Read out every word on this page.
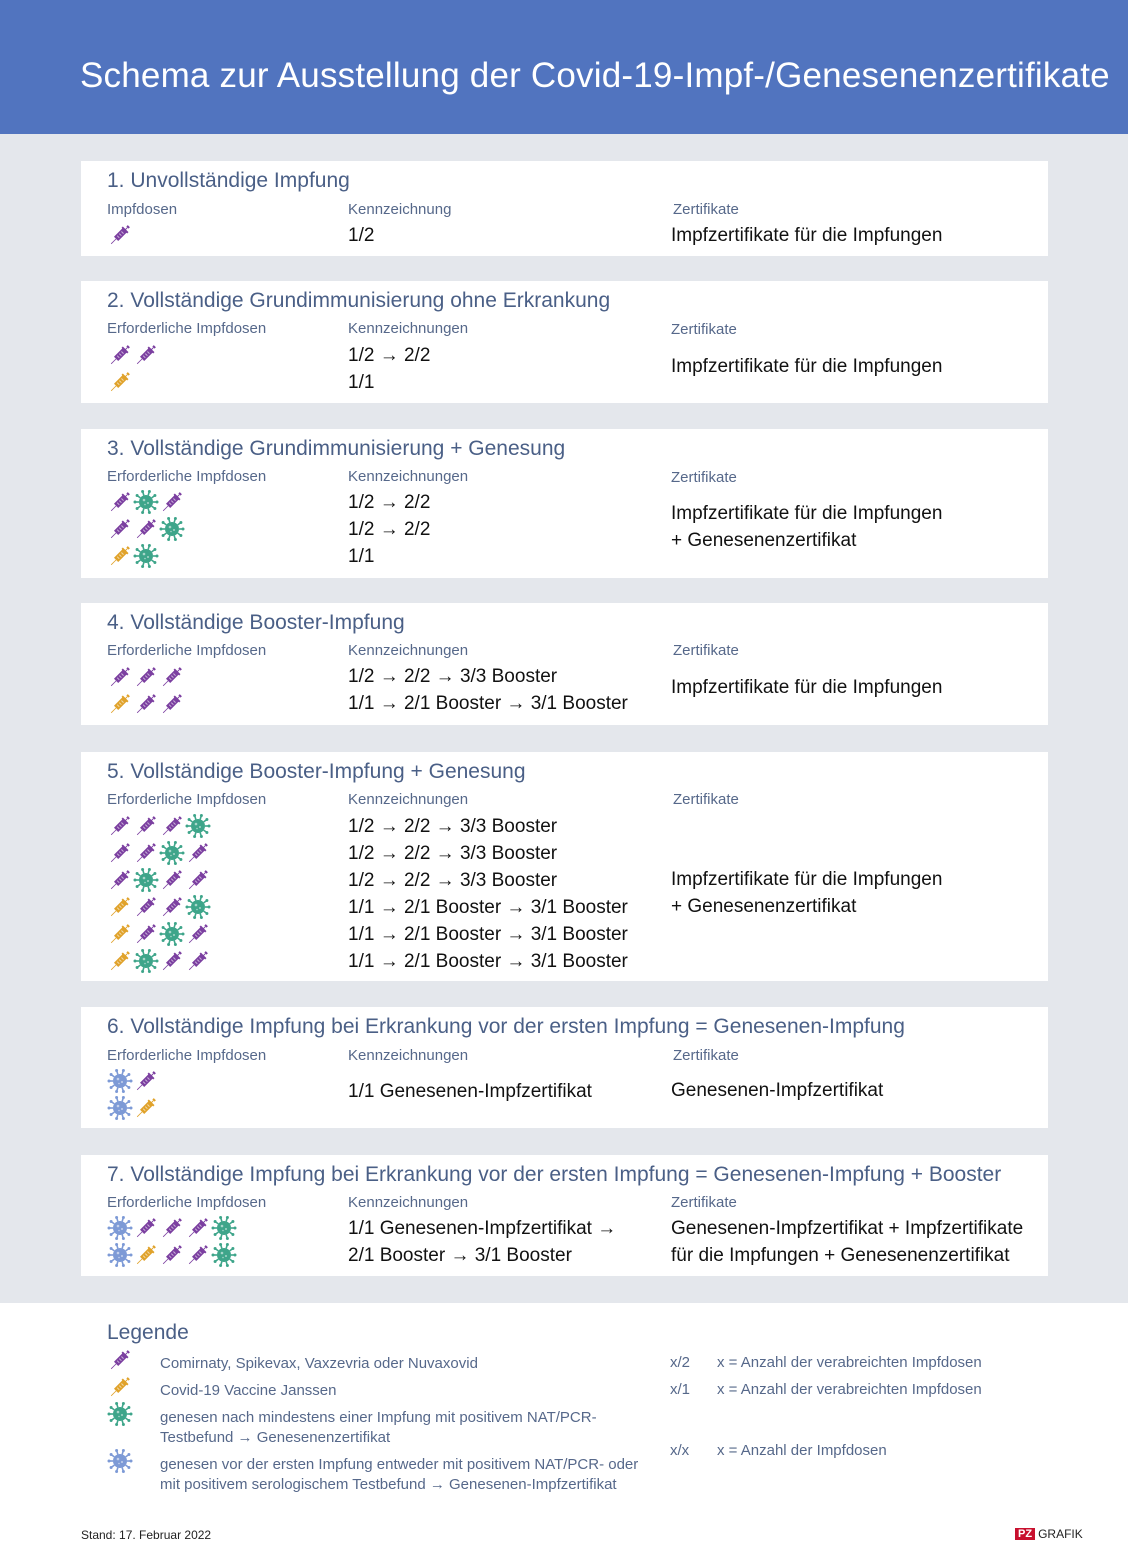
Schema zur Ausstellung der Covid-19-Impf-/Genesenenzertifikate
1. Unvollständige Impfung
Impfdosen	Kennzeichnung	Zertifikate
1/2	Impfzertifikate für die Impfungen
2. Vollständige Grundimmunisierung ohne Erkrankung
Erforderliche Impfdosen	Kennzeichnungen	Zertifikate
1/2 → 2/2
1/1
Impfzertifikate für die Impfungen
3. Vollständige Grundimmunisierung + Genesung
Erforderliche Impfdosen	Kennzeichnungen	Zertifikate
1/2 → 2/2
1/2 → 2/2
1/1
Impfzertifikate für die Impfungen
+ Genesenenzertifikat
4. Vollständige Booster-Impfung
Erforderliche Impfdosen	Kennzeichnungen	Zertifikate
1/2 → 2/2 → 3/3 Booster
1/1 → 2/1 Booster → 3/1 Booster
Impfzertifikate für die Impfungen
5. Vollständige Booster-Impfung + Genesung
Erforderliche Impfdosen	Kennzeichnungen	Zertifikate
1/2 → 2/2 → 3/3 Booster
1/2 → 2/2 → 3/3 Booster
1/2 → 2/2 → 3/3 Booster
1/1 → 2/1 Booster → 3/1 Booster
1/1 → 2/1 Booster → 3/1 Booster
1/1 → 2/1 Booster → 3/1 Booster
Impfzertifikate für die Impfungen
+ Genesenenzertifikat
6. Vollständige Impfung bei Erkrankung vor der ersten Impfung = Genesenen-Impfung
Erforderliche Impfdosen	Kennzeichnungen	Zertifikate
1/1 Genesenen-Impfzertifikat	Genesenen-Impfzertifikat
7. Vollständige Impfung bei Erkrankung vor der ersten Impfung = Genesenen-Impfung + Booster
Erforderliche Impfdosen	Kennzeichnungen	Zertifikate
1/1 Genesenen-Impfzertifikat →
2/1 Booster → 3/1 Booster
Genesenen-Impfzertifikat + Impfzertifikate
für die Impfungen + Genesenenzertifikat
Legende
Comirnaty, Spikevax, Vaxzevria oder Nuvaxovid
Covid-19 Vaccine Janssen
genesen nach mindestens einer Impfung mit positivem NAT/PCR-
Testbefund → Genesenenzertifikat
genesen vor der ersten Impfung entweder mit positivem NAT/PCR- oder
mit positivem serologischem Testbefund → Genesenen-Impfzertifikat
x/2 x = Anzahl der verabreichten Impfdosen
x/1 x = Anzahl der verabreichten Impfdosen
x/x x = Anzahl der Impfdosen
Stand: 17. Februar 2022	PZ GRAFIK
